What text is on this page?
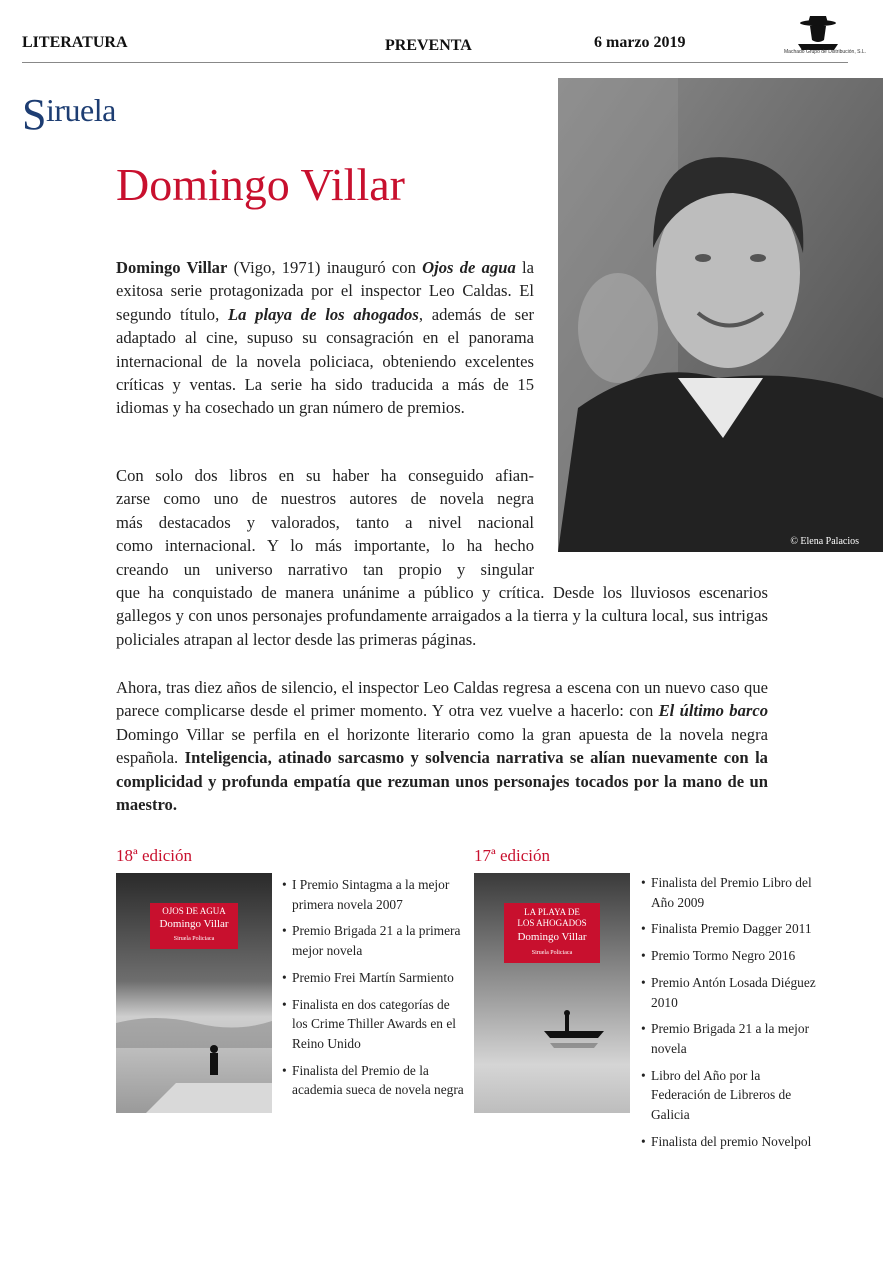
LITERATURA	PREVENTA	6 marzo 2019
Machado Grupo de Distribución, S.L.
Siruela
Domingo Villar
© Elena Palacios

Domingo Villar (Vigo, 1971) inauguró con Ojos de agua la exitosa serie protagonizada por el inspector Leo Caldas. El segundo título, La playa de los ahogados, además de ser adaptado al cine, supuso su consagración en el panorama internacional de la novela policiaca, obteniendo excelentes críticas y ventas. La serie ha sido traducida a más de 15 idiomas y ha cosechado un gran número de premios.

Con solo dos libros en su haber ha conseguido afian-
zarse como uno de nuestros autores de novela negra
más destacados y valorados, tanto a nivel nacional
como internacional. Y lo más importante, lo ha hecho
creando un universo narrativo tan propio y singular
que ha conquistado de manera unánime a público y crítica. Desde los lluviosos escenarios gallegos y con unos personajes profundamente arraigados a la tierra y la cultura local, sus intrigas policiales atrapan al lector desde las primeras páginas.

Ahora, tras diez años de silencio, el inspector Leo Caldas regresa a escena con un nuevo caso que parece complicarse desde el primer momento. Y otra vez vuelve a hacerlo: con El último barco Domingo Villar se perfila en el horizonte literario como la gran apuesta de la novela negra española. Inteligencia, atinado sarcasmo y solvencia narrativa se alían nuevamente con la complicidad y profunda empatía que rezuman unos personajes tocados por la mano de un maestro.

18ª edición
OJOS DE AGUA
Domingo Villar
Siruela Policiaca
• I Premio Sintagma a la mejor primera novela 2007
• Premio Brigada 21 a la primera mejor novela
• Premio Frei Martín Sarmiento
• Finalista en dos categorías de los Crime Thiller Awards en el Reino Unido
• Finalista del Premio de la academia sueca de novela negra
17ª edición
LA PLAYA DE
LOS AHOGADOS
Domingo Villar
Siruela Policiaca
• Finalista del Premio Libro del Año 2009
• Finalista Premio Dagger 2011
• Premio Tormo Negro 2016
• Premio Antón Losada Diéguez 2010
• Premio Brigada 21 a la mejor novela
• Libro del Año por la Federación de Libreros de Galicia
• Finalista del premio Novelpol
